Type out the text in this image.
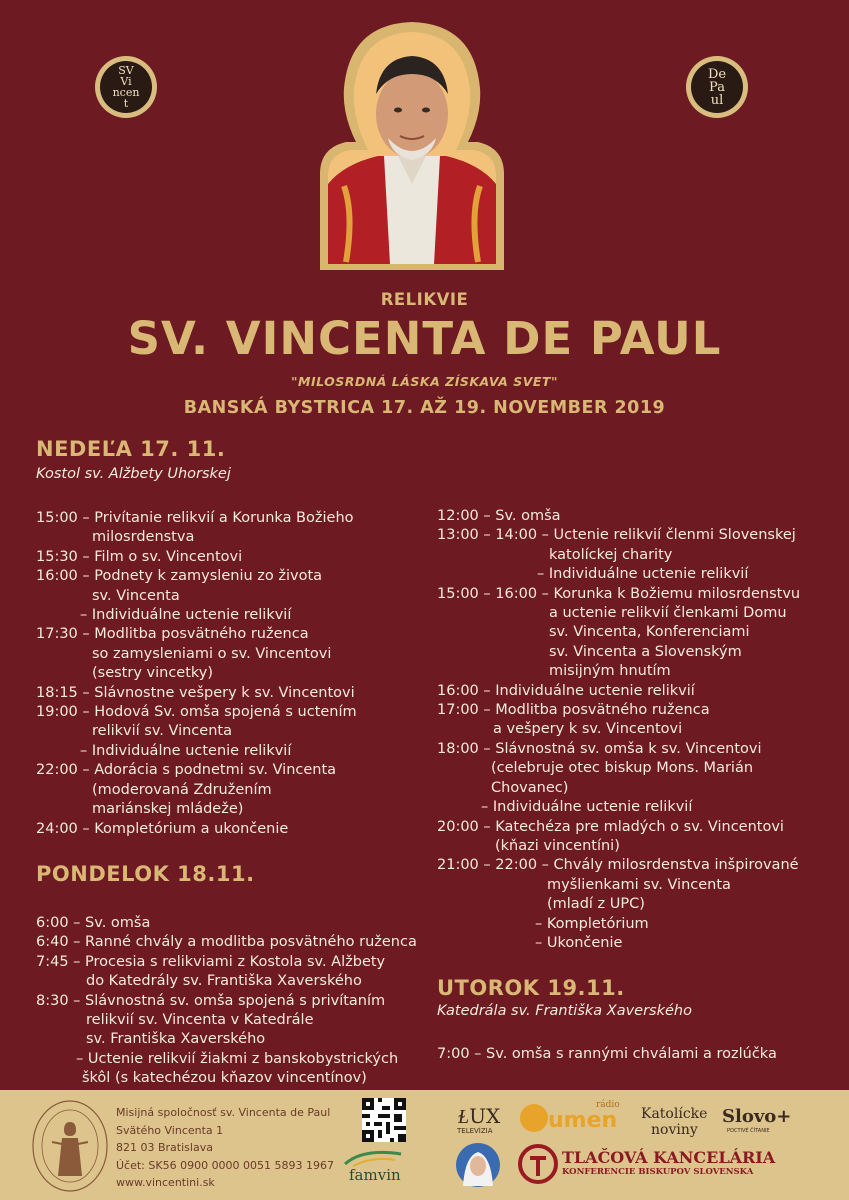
SV
Vi
ncen
t
De
Pa
ul
RELIKVIE
SV. VINCENTA DE PAUL
"MILOSRDNÁ LÁSKA ZÍSKAVA SVET"
BANSKÁ BYSTRICA 17. AŽ 19. NOVEMBER 2019
NEDEĽA 17. 11.
Kostol sv. Alžbety Uhorskej
15:00 – Privítanie relikvií a Korunka Božieho
milosrdenstva
15:30 – Film o sv. Vincentovi
16:00 – Podnety k zamysleniu zo života
sv. Vincenta
– Individuálne uctenie relikvií
17:30 – Modlitba posvätného ruženca
so zamysleniami o sv. Vincentovi
(sestry vincetky)
18:15 – Slávnostne vešpery k sv. Vincentovi
19:00 – Hodová Sv. omša spojená s uctením
relikvií sv. Vincenta
– Individuálne uctenie relikvií
22:00 – Adorácia s podnetmi sv. Vincenta
(moderovaná Združením
mariánskej mládeže)
24:00 – Kompletórium a ukončenie
PONDELOK 18.11.
6:00 – Sv. omša
6:40 – Ranné chvály a modlitba posvätného ruženca
7:45 – Procesia s relikviami z Kostola sv. Alžbety
do Katedrály sv. Františka Xaverského
8:30 – Slávnostná sv. omša spojená s privítaním
relikvií sv. Vincenta v Katedrále
sv. Františka Xaverského
– Uctenie relikvií žiakmi z banskobystrických
škôl (s katechézou kňazov vincentínov)
12:00 – Sv. omša
13:00 – 14:00 – Uctenie relikvií členmi Slovenskej
katolíckej charity
– Individuálne uctenie relikvií
15:00 – 16:00 – Korunka k Božiemu milosrdenstvu
a uctenie relikvií členkami Domu
sv. Vincenta, Konferenciami
sv. Vincenta a Slovenským
misijným hnutím
16:00 – Individuálne uctenie relikvií
17:00 – Modlitba posvätného ruženca
a vešpery k sv. Vincentovi
18:00 – Slávnostná sv. omša k sv. Vincentovi
(celebruje otec biskup Mons. Marián
Chovanec)
– Individuálne uctenie relikvií
20:00 – Katechéza pre mladých o sv. Vincentovi
(kňazi vincentíni)
21:00 – 22:00 – Chvály milosrdenstva inšpirované
myšlienkami sv. Vincenta
(mladí z UPC)
– Kompletórium
– Ukončenie
UTOROK 19.11.
Katedrála sv. Františka Xaverského
7:00 – Sv. omša s rannými chválami a rozlúčka
Misijná spoločnosť sv. Vincenta de Paul
Svätého Vincenta 1
821 03 Bratislava
Účet: SK56 0900 0000 0051 5893 1967
www.vincentini.sk	famvin
ⱢUX
TELEVÍZIA
rádio
umen Katolícke
noviny
Slovo+
POCTIVÉ ČÍTANIE
TLAČOVÁ KANCELÁRIA
KONFERENCIE BISKUPOV SLOVENSKA
